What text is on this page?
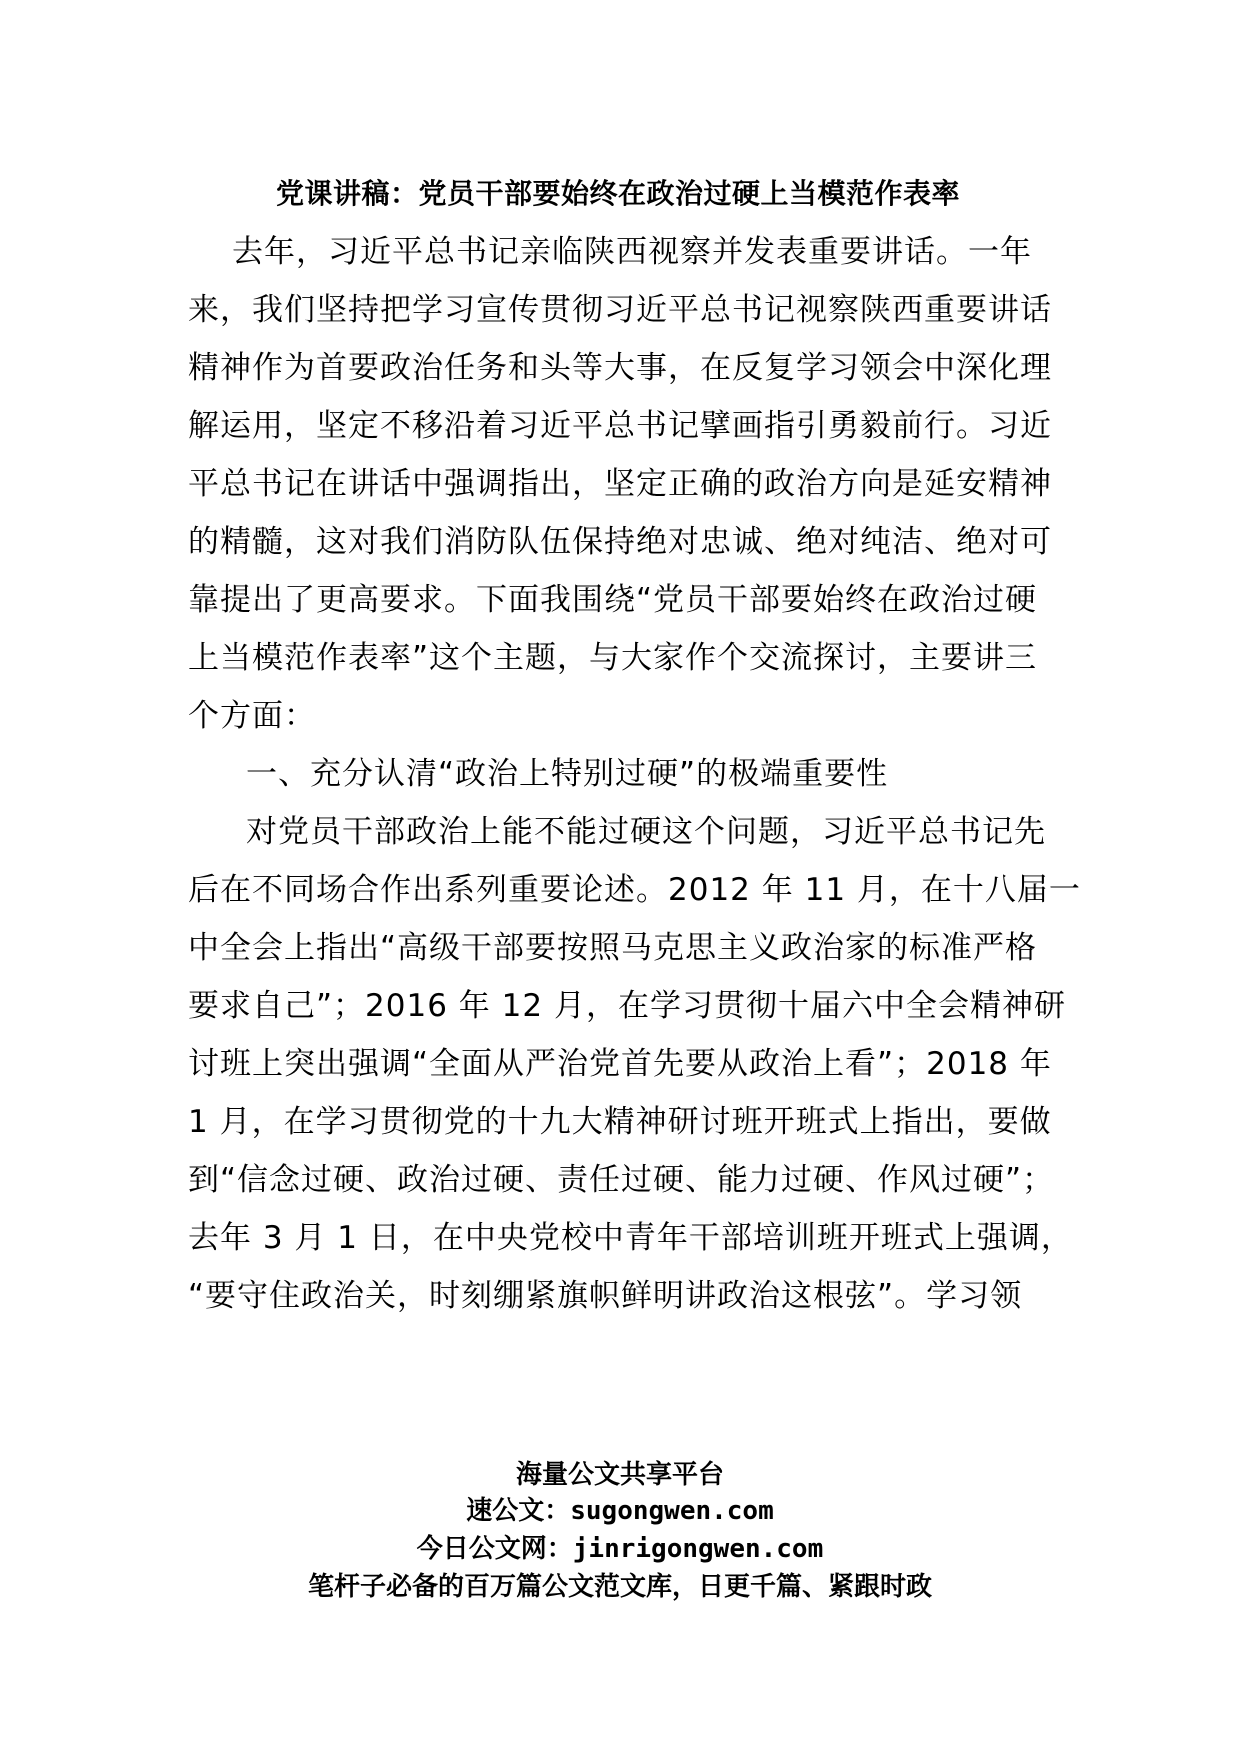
党课讲稿：党员干部要始终在政治过硬上当模范作表率
去年，习近平总书记亲临陕西视察并发表重要讲话。一年
来，我们坚持把学习宣传贯彻习近平总书记视察陕西重要讲话
精神作为首要政治任务和头等大事，在反复学习领会中深化理
解运用，坚定不移沿着习近平总书记擘画指引勇毅前行。习近
平总书记在讲话中强调指出，坚定正确的政治方向是延安精神
的精髓，这对我们消防队伍保持绝对忠诚、绝对纯洁、绝对可
靠提出了更高要求。下面我围绕“党员干部要始终在政治过硬
上当模范作表率”这个主题，与大家作个交流探讨，主要讲三
个方面：
一、充分认清“政治上特别过硬”的极端重要性
对党员干部政治上能不能过硬这个问题，习近平总书记先
后在不同场合作出系列重要论述。2012 年 11 月，在十八届一
中全会上指出“高级干部要按照马克思主义政治家的标准严格
要求自己”；2016 年 12 月，在学习贯彻十届六中全会精神研
讨班上突出强调“全面从严治党首先要从政治上看”；2018 年
1 月，在学习贯彻党的十九大精神研讨班开班式上指出，要做
到“信念过硬、政治过硬、责任过硬、能力过硬、作风过硬”；
去年 3 月 1 日，在中央党校中青年干部培训班开班式上强调，
“要守住政治关，时刻绷紧旗帜鲜明讲政治这根弦”。学习领
海量公文共享平台
速公文：sugongwen.com
今日公文网：jinrigongwen.com
笔杆子必备的百万篇公文范文库，日更千篇、紧跟时政
